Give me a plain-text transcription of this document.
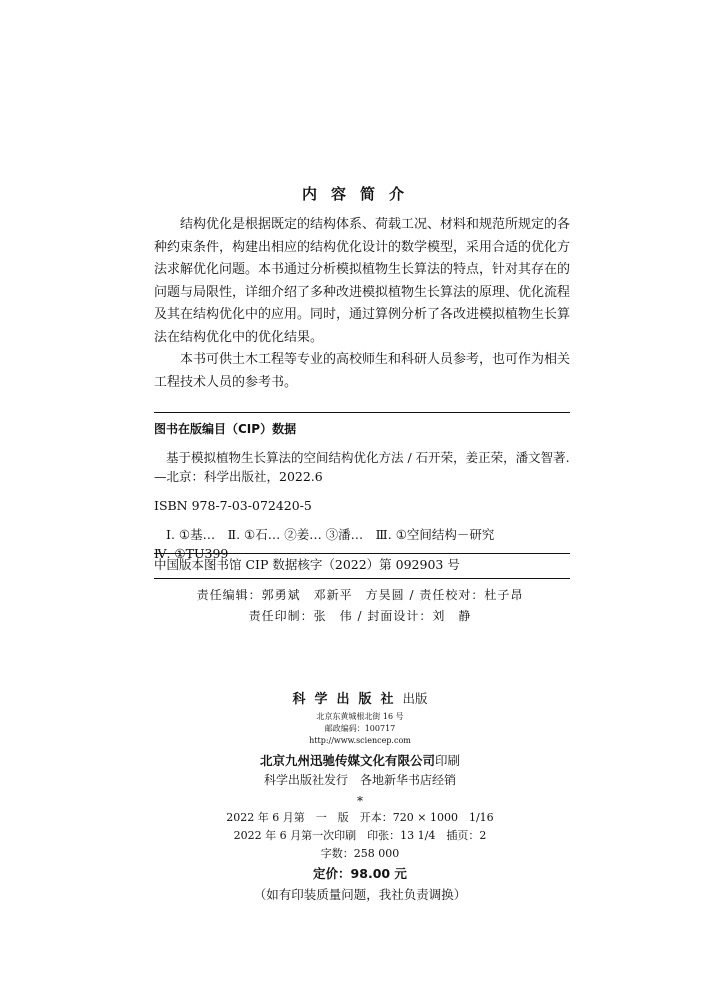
内容简介

结构优化是根据既定的结构体系、荷载工况、材料和规范所规定的各种约束条件，构建出相应的结构优化设计的数学模型，采用合适的优化方法求解优化问题。本书通过分析模拟植物生长算法的特点，针对其存在的问题与局限性，详细介绍了多种改进模拟植物生长算法的原理、优化流程及其在结构优化中的应用。同时，通过算例分析了各改进模拟植物生长算法在结构优化中的优化结果。

本书可供土木工程等专业的高校师生和科研人员参考，也可作为相关工程技术人员的参考书。

图书在版编目（CIP）数据

基于模拟植物生长算法的空间结构优化方法 / 石开荣，姜正荣，潘文智著. —北京：科学出版社，2022.6

ISBN 978-7-03-072420-5

Ⅰ. ①基…　Ⅱ. ①石… ②姜… ③潘…　Ⅲ. ①空间结构－研究

Ⅳ. ①TU399

中国版本图书馆 CIP 数据核字（2022）第 092903 号

责任编辑：郭勇斌　邓新平　方昊圆 / 责任校对：杜子昂
责任印制：张　伟 / 封面设计：刘　静
科学出版社出版
北京东黄城根北街 16 号
邮政编码：100717
http://www.sciencep.com
北京九州迅驰传媒文化有限公司印刷
科学出版社发行　各地新华书店经销
*
2022 年 6 月第　一　版　开本：720 × 1000　1/16
2022 年 6 月第一次印刷　印张：13 1/4　插页：2
字数：258 000
定价：98.00 元
（如有印装质量问题，我社负责调换）
